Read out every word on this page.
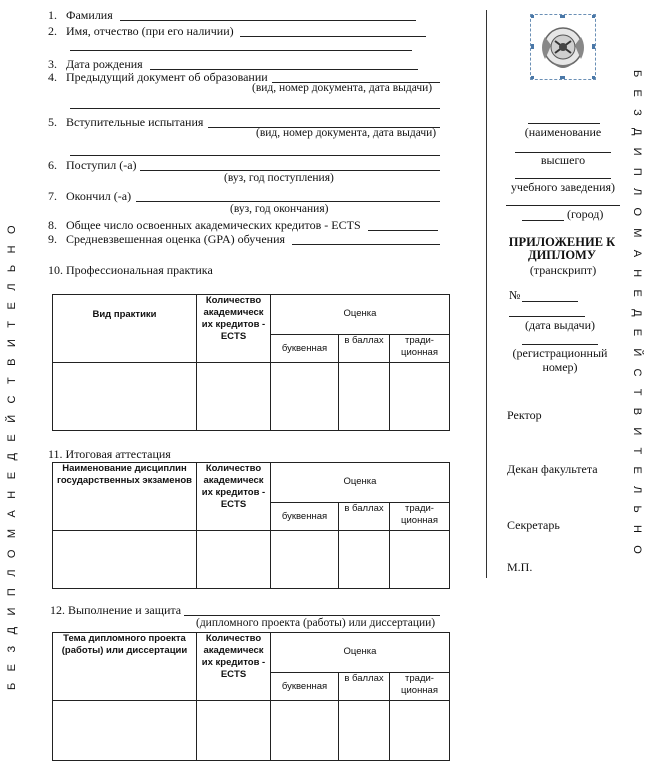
Б Е З Д И П Л О М А Н Е Д Е Й С Т В И Т Е Л Ь Н О	Б Е З Д И П Л О М А Н Е Д Е Й С Т В И Т Е Л Ь Н О
1. Фамилия
2. Имя, отчество (при его наличии)
3. Дата рождения
4. Предыдущий документ об образовании
(вид, номер документа, дата выдачи)
5. Вступительные испытания
(вид, номер документа, дата выдачи)
6. Поступил (-а)
(вуз, год поступления)
7. Окончил (-а)
(вуз, год окончания)
8. Общее число освоенных академических кредитов - ECTS
9. Средневзвешенная оценка (GPA) обучения
10. Профессиональная практика
Вид практики	Количество академическ их кредитов - ECTS	Оценка		
		буквенная	в баллах	тради- ционная

11. Итоговая аттестация
Наименование дисциплин государственных экзаменов	Количество академическ их кредитов - ECTS	Оценка		
		буквенная	в баллах	тради- ционная

12. Выполнение и защита
(дипломного проекта (работы) или диссертации)
Тема дипломного проекта (работы) или диссертации	Количество академическ их кредитов - ECTS	Оценка		
		буквенная	в баллах	тради- ционная

(наименование
высшего
учебного заведения)
(город)
ПРИЛОЖЕНИЕ К ДИПЛОМУ
(транскрипт)
№
(дата выдачи)
(регистрационный номер)
Ректор
Декан факультета
Секретарь
М.П.
